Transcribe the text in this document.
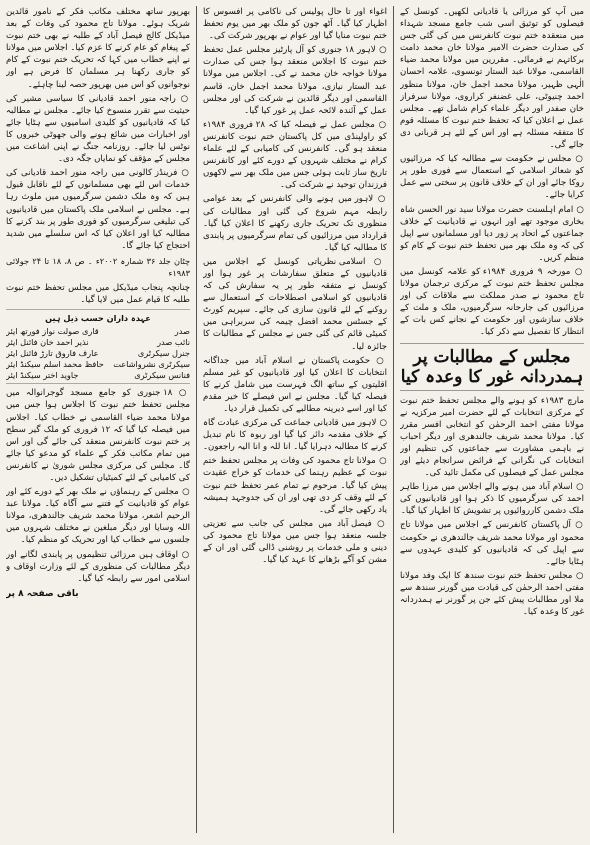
میں آپ کو مرزائی یا قادیانی لکھیں۔ کونسل کے فیصلوں کو توثیق اسی شب جامع مسجد شہداء میں منعقدہ ختم نبوت کانفرنس میں کی گئی جس کی صدارت حضرت الامیر مولانا خان محمد دامت برکاتہم نے فرمائی۔ مقررین میں مولانا محمد ضیاء القاسمی، مولانا عبد الستار تونسوی، علامہ احسان الٰہی ظہیر، مولانا محمد اجمل خان، مولانا منظور احمد چنیوٹی، علی غضنفر کراروی، مولانا سرفراز خان صفدر اور دیگر علماء کرام شامل تھے۔ مجلس عمل نے اعلان کیا کہ تحفظ ختم نبوت کا مسئلہ قوم کا متفقہ مسئلہ ہے اور اس کے لئے ہر قربانی دی جائے گی۔

○ مجلس نے حکومت سے مطالبہ کیا کہ مرزائیوں کو شعائر اسلامی کے استعمال سے فوری طور پر روکا جائے اور ان کے خلاف قانون پر سختی سے عمل کرایا جائے۔

○ امام اہلسنت حضرت مولانا سید نور الحسن شاہ بخاری موجود تھے اور انہوں نے قادیانیت کے خلاف جماعتوں کے اتحاد پر زور دیا اور مسلمانوں سے اپیل کی کہ وہ ملک بھر میں تحفظ ختم نبوت کے کام کو منظم کریں۔

○ مورخہ ۹ فروری ۱۹۸۴ء کو علامہ کونسل میں مجلس تحفظ ختم نبوت کے مرکزی ترجمان مولانا تاج محمود نے صدر مملکت سے ملاقات کی اور مرزائیوں کی جارحانہ سرگرمیوں، ملک و ملت کے خلاف سازشوں اور حکومت کے نجانے کس بات کے انتظار کا تفصیل سے ذکر کیا۔

مجلس کے مطالبات پر ہمدردانہ غور کا وعدہ کیا

مارچ ۱۹۸۳ء کو ہونے والے مجلس تحفظ ختم نبوت کے مرکزی انتخابات کے لئے حضرت امیر مرکزیہ نے مولانا مفتی احمد الرحمٰن کو انتخابی افسر مقرر کیا۔ مولانا محمد شریف جالندھری اور دیگر احباب نے باہمی مشاورت سے جماعتوں کی تنظیم اور انتخابات کی نگرانی کے فرائض سرانجام دیئے اور مجلس عمل کے فیصلوں کی مکمل تائید کی۔

○ اسلام آباد میں ہونے والے اجلاس میں مرزا طاہر احمد کی سرگرمیوں کا ذکر ہوا اور قادیانیوں کی ملک دشمن کارروائیوں پر تشویش کا اظہار کیا گیا۔

○ آل پاکستان کانفرنس کے اجلاس میں مولانا تاج محمود اور مولانا محمد شریف جالندھری نے حکومت سے اپیل کی کہ قادیانیوں کو کلیدی عہدوں سے ہٹایا جائے۔

○ مجلس تحفظ ختم نبوت سندھ کا ایک وفد مولانا مفتی احمد الرحمٰن کی قیادت میں گورنر سندھ سے ملا اور مطالبات پیش کئے جن پر گورنر نے ہمدردانہ غور کا وعدہ کیا۔

اغواء اور تا حال پولیس کی ناکامی پر افسوس کا اظہار کیا گیا۔ آٹھ جون کو ملک بھر میں یوم تحفظ ختم نبوت منایا گیا اور عوام نے بھرپور شرکت کی۔

○ لاہور ۱۸ جنوری کو آل پارٹیز مجلس عمل تحفظ ختم نبوت کا اجلاس منعقد ہوا جس کی صدارت مولانا خواجہ خان محمد نے کی۔ اجلاس میں مولانا عبد الستار نیازی، مولانا محمد اجمل خان، قاسم القاسمی اور دیگر قائدین نے شرکت کی اور مجلس عمل کے آئندہ لائحہ عمل پر غور کیا گیا۔

○ مجلس عمل نے فیصلہ کیا کہ ۲۸ فروری ۱۹۸۴ء کو راولپنڈی میں کل پاکستان ختم نبوت کانفرنس منعقد ہو گی۔ کانفرنس کی کامیابی کے لئے علماء کرام نے مختلف شہروں کے دورے کئے اور کانفرنس تاریخ ساز ثابت ہوئی جس میں ملک بھر سے لاکھوں فرزندان توحید نے شرکت کی۔

○ لاہور میں ہونے والی کانفرنس کے بعد عوامی رابطہ مہم شروع کی گئی اور مطالبات کی منظوری تک تحریک جاری رکھنے کا اعلان کیا گیا۔ قرارداد میں مرزائیوں کی تمام سرگرمیوں پر پابندی کا مطالبہ کیا گیا۔

○ اسلامی نظریاتی کونسل کے اجلاس میں قادیانیوں کے متعلق سفارشات پر غور ہوا اور کونسل نے متفقہ طور پر یہ سفارش کی کہ قادیانیوں کو اسلامی اصطلاحات کے استعمال سے روکنے کے لئے قانون سازی کی جائے۔ سپریم کورٹ کے جسٹس محمد افضل چیمہ کی سربراہی میں کمیٹی قائم کی گئی جس نے مجلس کے مطالبات کا جائزہ لیا۔

○ حکومت پاکستان نے اسلام آباد میں جداگانہ انتخابات کا اعلان کیا اور قادیانیوں کو غیر مسلم اقلیتوں کے ساتھ الگ فہرست میں شامل کرنے کا فیصلہ کیا گیا۔ مجلس نے اس فیصلے کا خیر مقدم کیا اور اسے دیرینہ مطالبے کی تکمیل قرار دیا۔

○ لاہور میں قادیانی جماعت کی مرکزی عبادت گاہ کے خلاف مقدمہ دائر کیا گیا اور ربوہ کا نام تبدیل کرنے کا مطالبہ دہرایا گیا۔ انا للہ و انا الیہ راجعون۔

○ مولانا تاج محمود کی وفات پر مجلس تحفظ ختم نبوت کے عظیم رہنما کی خدمات کو خراج عقیدت پیش کیا گیا۔ مرحوم نے تمام عمر تحفظ ختم نبوت کے لئے وقف کر دی تھی اور ان کی جدوجہد ہمیشہ یاد رکھی جائے گی۔

○ فیصل آباد میں مجلس کی جانب سے تعزیتی جلسہ منعقد ہوا جس میں مولانا تاج محمود کی دینی و ملی خدمات پر روشنی ڈالی گئی اور ان کے مشن کو آگے بڑھانے کا عہد کیا گیا۔

بھرپور ساتھ مختلف مکاتب فکر کے نامور قائدین شریک ہوئے۔ مولانا تاج محمود کی وفات کے بعد میڈیکل کالج فیصل آباد کے طلبہ نے بھی ختم نبوت کے پیغام کو عام کرنے کا عزم کیا۔ اجلاس میں مولانا نے اپنے خطاب میں کہا کہ تحریک ختم نبوت کے کام کو جاری رکھنا ہر مسلمان کا فرض ہے اور نوجوانوں کو اس میں بھرپور حصہ لینا چاہئے۔

○ راجہ منور احمد قادیانی کا سیاسی مشیر کی حیثیت سے تقرر منسوخ کیا جائے۔ مجلس نے مطالبہ کیا کہ قادیانیوں کو کلیدی اسامیوں سے ہٹایا جائے اور اخبارات میں شائع ہونے والی جھوٹی خبروں کا نوٹس لیا جائے۔ روزنامہ جنگ نے اپنی اشاعت میں مجلس کے مؤقف کو نمایاں جگہ دی۔

○ فرینڈز کالونی میں راجہ منور احمد قادیانی کی خدمات اس لئے بھی مسلمانوں کے لئے ناقابل قبول ہیں کہ وہ ملک دشمن سرگرمیوں میں ملوث رہا ہے۔ مجلس نے اسلامی ملک پاکستان میں قادیانیوں کی تبلیغی سرگرمیوں کو فوری طور پر بند کرنے کا مطالبہ کیا اور اعلان کیا کہ اس سلسلے میں شدید احتجاج کیا جائے گا۔

چٹان جلد ۳۶ شمارہ ۲۰۰۲ء ۔ ص ۸، ۱۸ تا ۲۴ جولائی ۱۹۸۳ء

چنانچہ پنجاب میڈیکل میں مجلس تحفظ ختم نبوت طلبہ کا قیام عمل میں لایا گیا۔

عہدہ داران حسب ذیل ہیں
صدر
قاری صولت نواز فورتھ ایئر
نائب صدر
نذیر احمد خان فائنل ایئر
جنرل سیکرٹری
عارف فاروق تارڑ فائنل ایئر
سیکرٹری نشرواشاعت
حافظ محمد اسلم سیکنڈ ایئر
فنانس سیکرٹری
جاوید اختر سیکنڈ ایئر

○ ۱۸ جنوری کو جامع مسجد گوجرانوالہ میں مجلس تحفظ ختم نبوت کا اجلاس ہوا جس میں مولانا محمد ضیاء القاسمی نے خطاب کیا۔ اجلاس میں فیصلہ کیا گیا کہ ۱۲ فروری کو ملک گیر سطح پر ختم نبوت کانفرنس منعقد کی جائے گی اور اس میں تمام مکاتب فکر کے علماء کو مدعو کیا جائے گا۔ مجلس کی مرکزی مجلس شوریٰ نے کانفرنس کی کامیابی کے لئے کمیٹیاں تشکیل دیں۔

○ مجلس کے رہنماؤں نے ملک بھر کے دورے کئے اور عوام کو قادیانیت کے فتنے سے آگاہ کیا۔ مولانا عبد الرحیم اشعر، مولانا محمد شریف جالندھری، مولانا اللہ وسایا اور دیگر مبلغین نے مختلف شہروں میں جلسوں سے خطاب کیا اور تحریک کو منظم کیا۔

○ اوقاف ہیں مرزائی تنظیموں پر پابندی لگانے اور دیگر مطالبات کی منظوری کے لئے وزارت اوقاف و اسلامی امور سے رابطہ کیا گیا۔

باقی صفحہ ۸ پر
